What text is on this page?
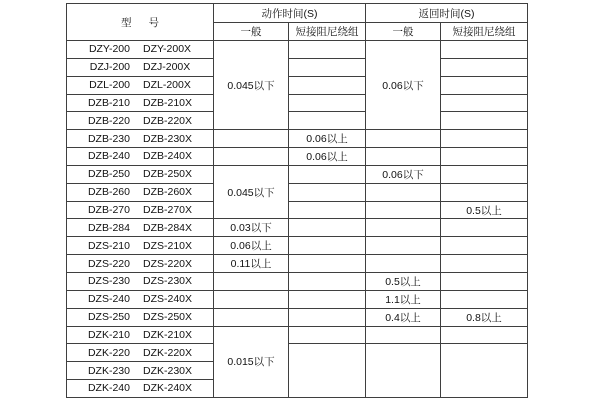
型 号	动作时间(S)		返回时间(S)	
	一般	短接阻尼绕组	一般	短接阻尼绕组

DZY-200 DZY-200X	0.045以下		0.06以下	

DZJ-200 DZJ-200X				

DZL-200 DZL-200X				

DZB-210 DZB-210X				

DZB-220 DZB-220X				

DZB-230 DZB-230X		0.06以上		

DZB-240 DZB-240X		0.06以上		

DZB-250 DZB-250X	0.045以下		0.06以下	

DZB-260 DZB-260X				

DZB-270 DZB-270X				0.5以上

DZB-284 DZB-284X	0.03以下			

DZS-210 DZS-210X	0.06以上			

DZS-220 DZS-220X	0.11以上			

DZS-230 DZS-230X			0.5以上	

DZS-240 DZS-240X			1.1以上	

DZS-250 DZS-250X			0.4以上	0.8以上

DZK-210 DZK-210X	0.015以下			

DZK-220 DZK-220X				

DZK-230 DZK-230X				

DZK-240 DZK-240X				
